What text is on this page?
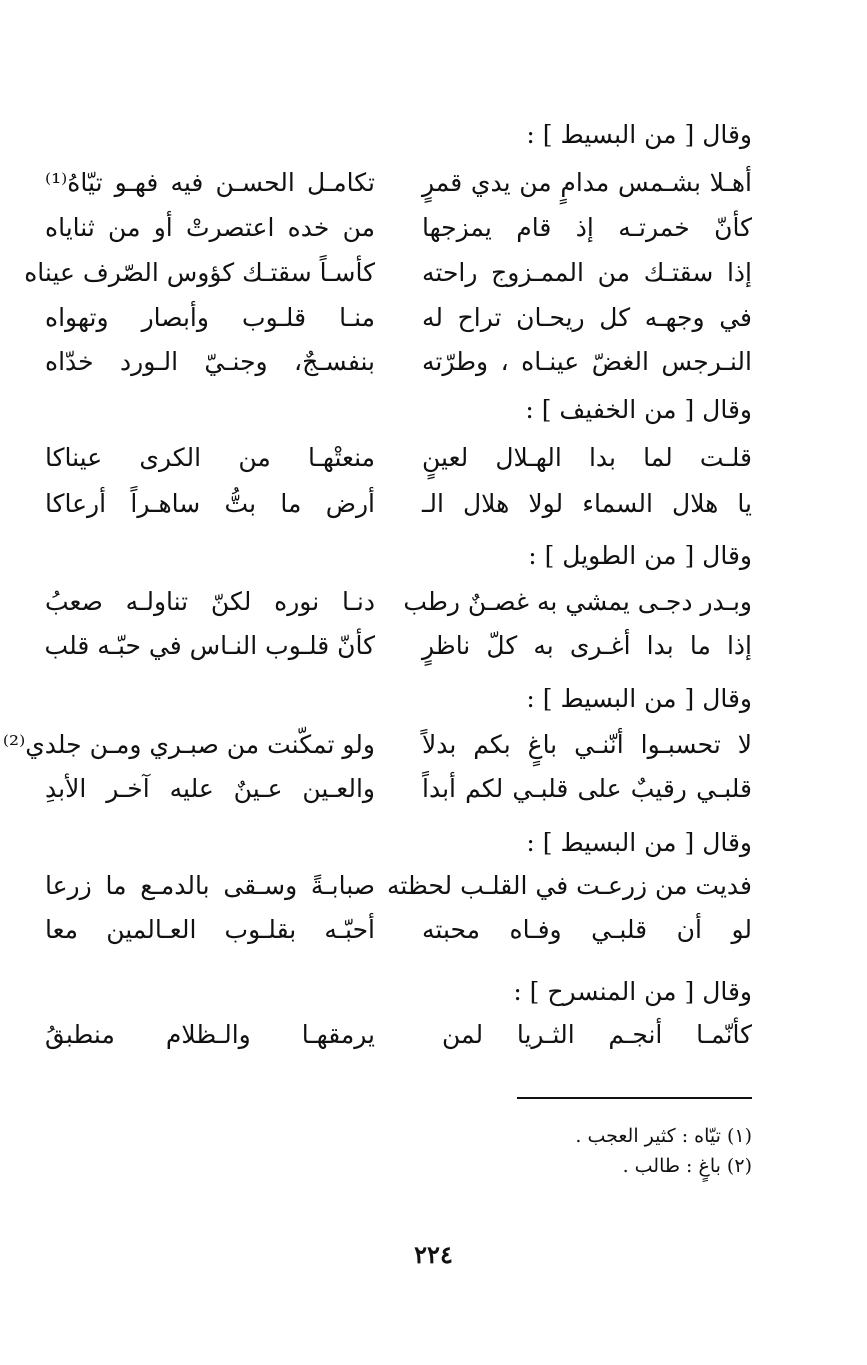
وقال [ من البسيط ] :
أهـلا بشـمس مدامٍ من يدي قمرٍ
تكامـل الحسـن فيه فهـو تيّاهُ⁽¹⁾
كأنّ خمرتـه إذ قام يمزجها
من خده اعتصرتْ أو من ثناياه
إذا سقتـك من الممـزوج راحته
كأسـاً سقتـك كؤوس الصّرف عيناه
في وجهـه كل ريحـان تراح له
منـا قلـوب وأبصار وتهواه
النـرجس الغضّ عينـاه ، وطرّته
بنفسـجٌ، وجنـيّ الـورد خدّاه
وقال [ من الخفيف ] :
قلـت لما بدا الهـلال لعينٍ
منعتْهـا من الكرى عيناكا
يا هلال السماء لولا هلال الـ
أرض ما بتُّ ساهـراً أرعاكا
وقال [ من الطويل ] :
وبـدر دجـى يمشي به غصـنٌ رطب
دنـا نوره لكنّ تناولـه صعبُ
إذا ما بدا أغـرى به كلّ ناظرٍ
كأنّ قلـوب النـاس في حبّـه قلب
وقال [ من البسيط ] :
لا تحسبـوا أنّنـي باغٍ بكم بدلاً
ولو تمكّنت من صبـري ومـن جلدي⁽²⁾
قلبـي رقيبٌ على قلبـي لكم أبداً
والعـين عـينٌ عليه آخـر الأبدِ
وقال [ من البسيط ] :
فديت من زرعـت في القلـب لحظته
صبابـةً وسـقى بالدمـع ما زرعا
لو أن قلبـي وفـاه محبته
أحبّـه بقلـوب العـالمين معا
وقال [ من المنسرح ] :
كأنّمـا أنجـم الثـريا لمن
يرمقهـا والـظلام منطبقُ
(١) تيّاه : كثير العجب .
(٢) باغٍ : طالب .
٢٢٤
